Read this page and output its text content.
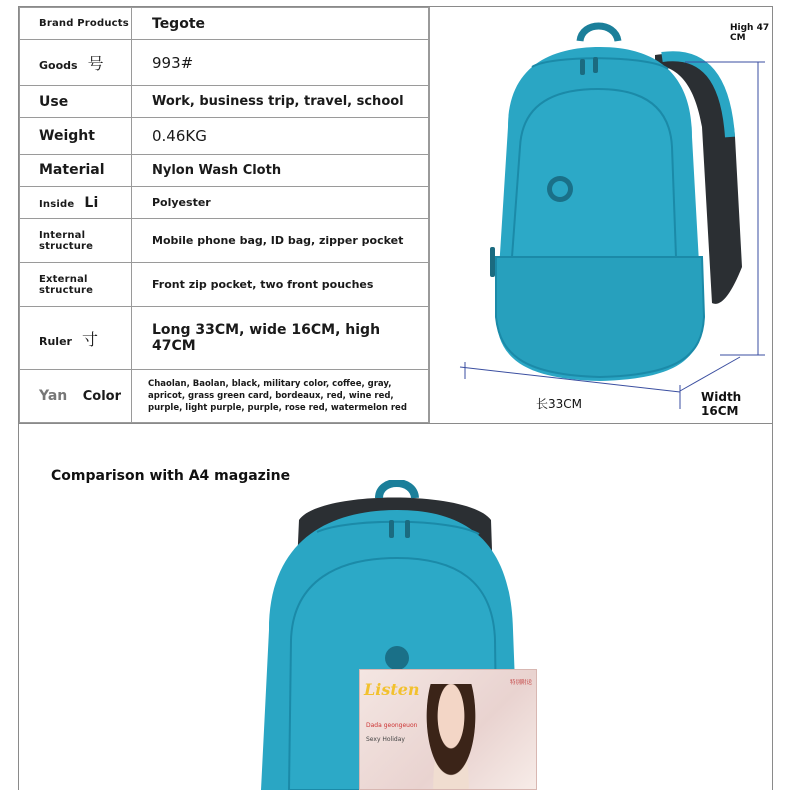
Brand Products	Tegote
Goods 号	993#
Use	Work, business trip, travel, school
Weight	0.46KG
Material	Nylon Wash Cloth
Inside Li	Polyester
Internal structure	Mobile phone bag, ID bag, zipper pocket
External structure	Front zip pocket, two front pouches
Ruler 寸	Long 33CM, wide 16CM, high 47CM

Yan Color	Chaolan, Baolan, black, military color, coffee, gray, apricot, grass green card, bordeaux, red, wine red, purple, light purple, purple, rose red, watermelon red
High 47 CM
长33CM	Width 16CM
Comparison with A4 magazine
Listen
Dada geongeuon
Sexy Holiday
特别附送
